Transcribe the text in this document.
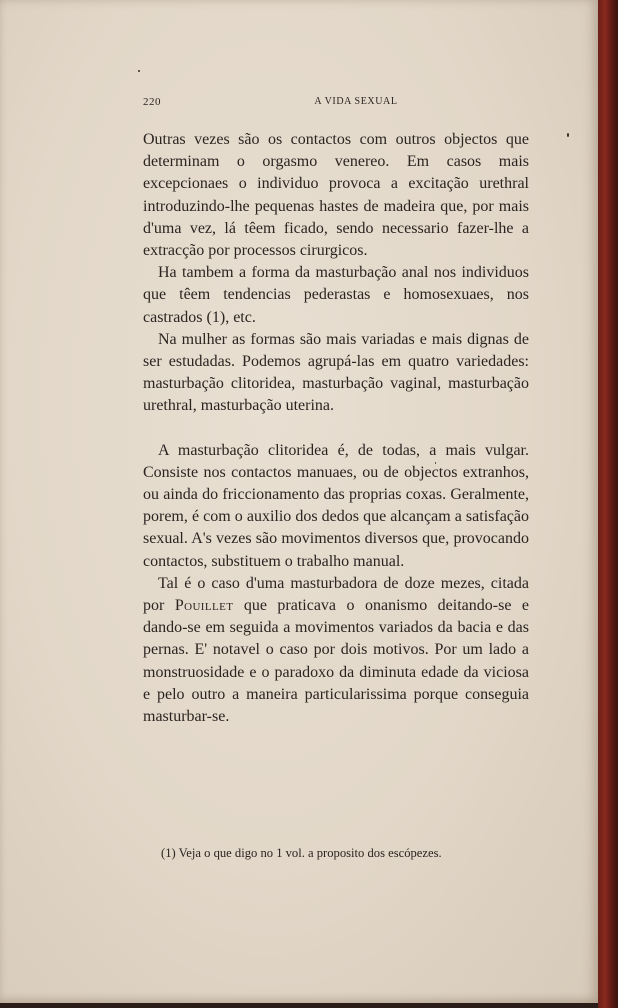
220	A VIDA SEXUAL

Outras vezes são os contactos com outros objectos que determinam o orgasmo venereo. Em casos mais excepcionaes o individuo provoca a excitação urethral introduzindo-lhe pequenas hastes de madeira que, por mais d'uma vez, lá têem ficado, sendo necessario fazer-lhe a extracção por processos cirurgicos.

Ha tambem a forma da masturbação anal nos individuos que têem tendencias pederastas e homosexuaes, nos castrados (1), etc.

Na mulher as formas são mais variadas e mais dignas de ser estudadas. Podemos agrupá-las em quatro variedades: masturbação clitoridea, masturbação vaginal, masturbação urethral, masturbação uterina.

A masturbação clitoridea é, de todas, a mais vulgar. Consiste nos contactos manuaes, ou de objectos extranhos, ou ainda do friccionamento das proprias coxas. Geralmente, porem, é com o auxilio dos dedos que alcançam a satisfação sexual. A's vezes são movimentos diversos que, provocando contactos, substituem o trabalho manual.

Tal é o caso d'uma masturbadora de doze mezes, citada por Pouillet que praticava o onanismo deitando-se e dando-se em seguida a movimentos variados da bacia e das pernas. E' notavel o caso por dois motivos. Por um lado a monstruosidade e o paradoxo da diminuta edade da viciosa e pelo outro a maneira particularissima porque conseguia masturbar-se.

(1) Veja o que digo no 1 vol. a proposito dos escópezes.
